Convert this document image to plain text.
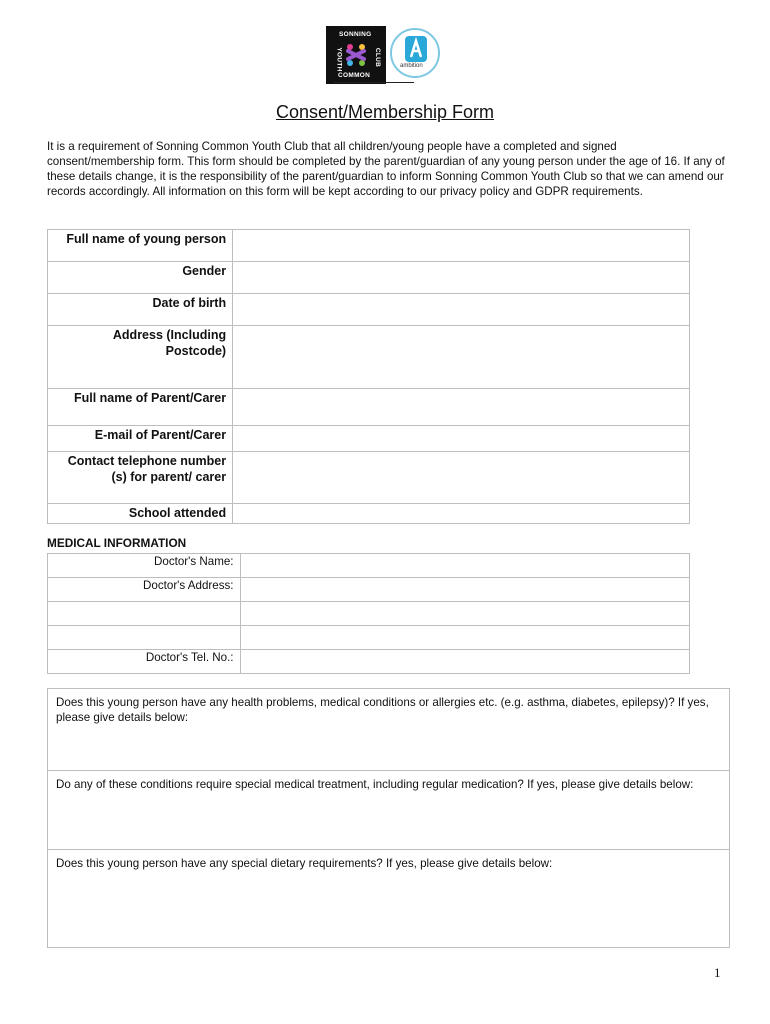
SONNING
YOUTH	CLUB
COMMON
ambition
Consent/Membership Form
It is a requirement of Sonning Common Youth Club that all children/young people have a completed and signed consent/membership form. This form should be completed by the parent/guardian of any young person under the age of 16. If any of these details change, it is the responsibility of the parent/guardian to inform Sonning Common Youth Club so that we can amend our records accordingly. All information on this form will be kept according to our privacy policy and GDPR requirements.
Full name of young person	
Gender	
Date of birth	
Address (Including Postcode)	
Full name of Parent/Carer	
E-mail of Parent/Carer	
Contact telephone number (s) for parent/ carer	
School attended	
MEDICAL INFORMATION
Doctor's Name:	
Doctor's Address:	

Doctor's Tel. No.:	
Does this young person have any health problems, medical conditions or allergies etc. (e.g. asthma, diabetes, epilepsy)? If yes, please give details below:
Do any of these conditions require special medical treatment, including regular medication? If yes, please give details below:
Does this young person have any special dietary requirements? If yes, please give details below:
1
